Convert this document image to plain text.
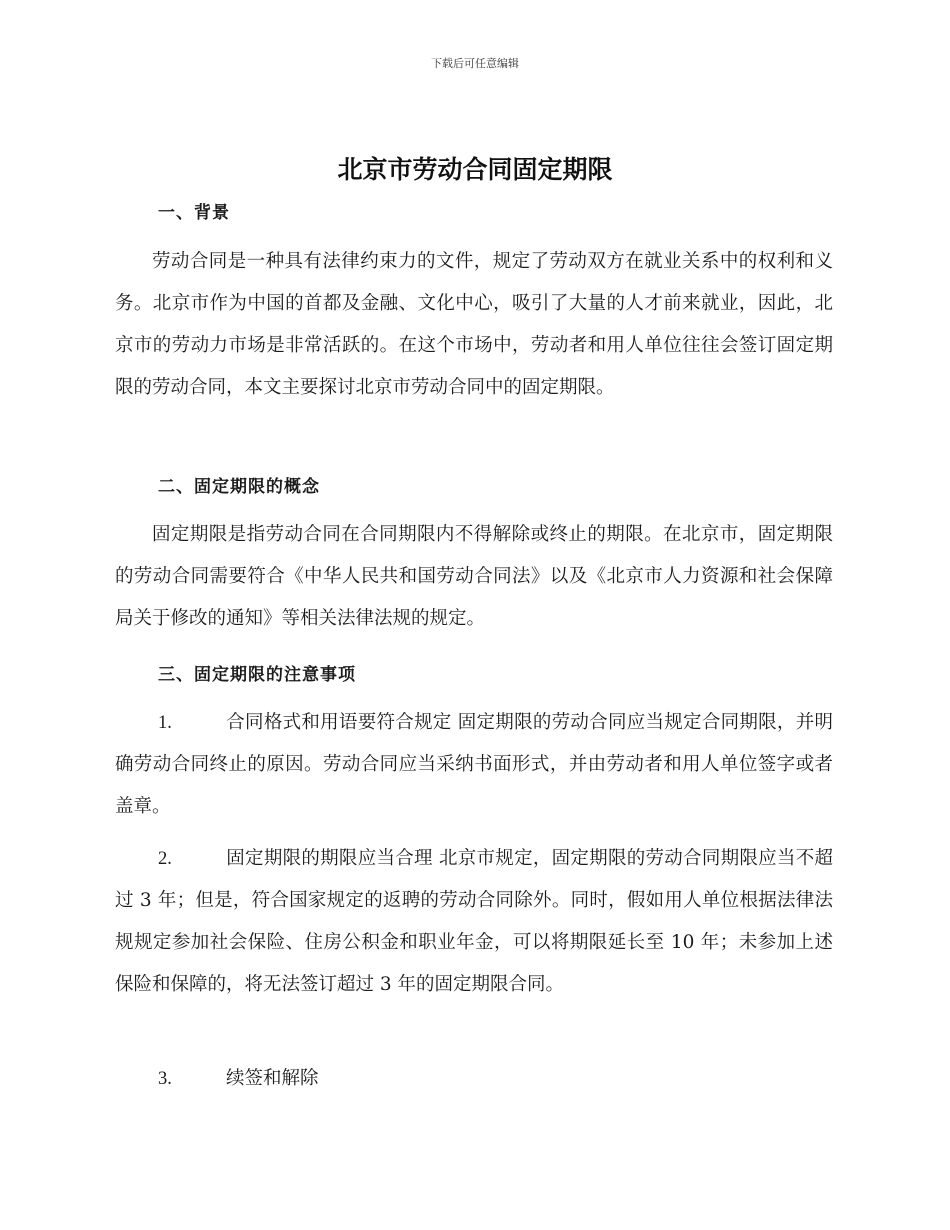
下载后可任意编辑
北京市劳动合同固定期限
一、背景
劳动合同是一种具有法律约束力的文件，规定了劳动双方在就业关系中的权利和义务。北京市作为中国的首都及金融、文化中心，吸引了大量的人才前来就业，因此，北京市的劳动力市场是非常活跃的。在这个市场中，劳动者和用人单位往往会签订固定期限的劳动合同，本文主要探讨北京市劳动合同中的固定期限。
二、固定期限的概念
固定期限是指劳动合同在合同期限内不得解除或终止的期限。在北京市，固定期限的劳动合同需要符合《中华人民共和国劳动合同法》以及《北京市人力资源和社会保障局关于修改的通知》等相关法律法规的规定。
三、固定期限的注意事项
1.	合同格式和用语要符合规定 固定期限的劳动合同应当规定合同期限，并明确劳动合同终止的原因。劳动合同应当采纳书面形式，并由劳动者和用人单位签字或者盖章。
2.	固定期限的期限应当合理 北京市规定，固定期限的劳动合同期限应当不超过 3 年；但是，符合国家规定的返聘的劳动合同除外。同时，假如用人单位根据法律法规规定参加社会保险、住房公积金和职业年金，可以将期限延长至 10 年；未参加上述保险和保障的，将无法签订超过 3 年的固定期限合同。
3.	续签和解除
